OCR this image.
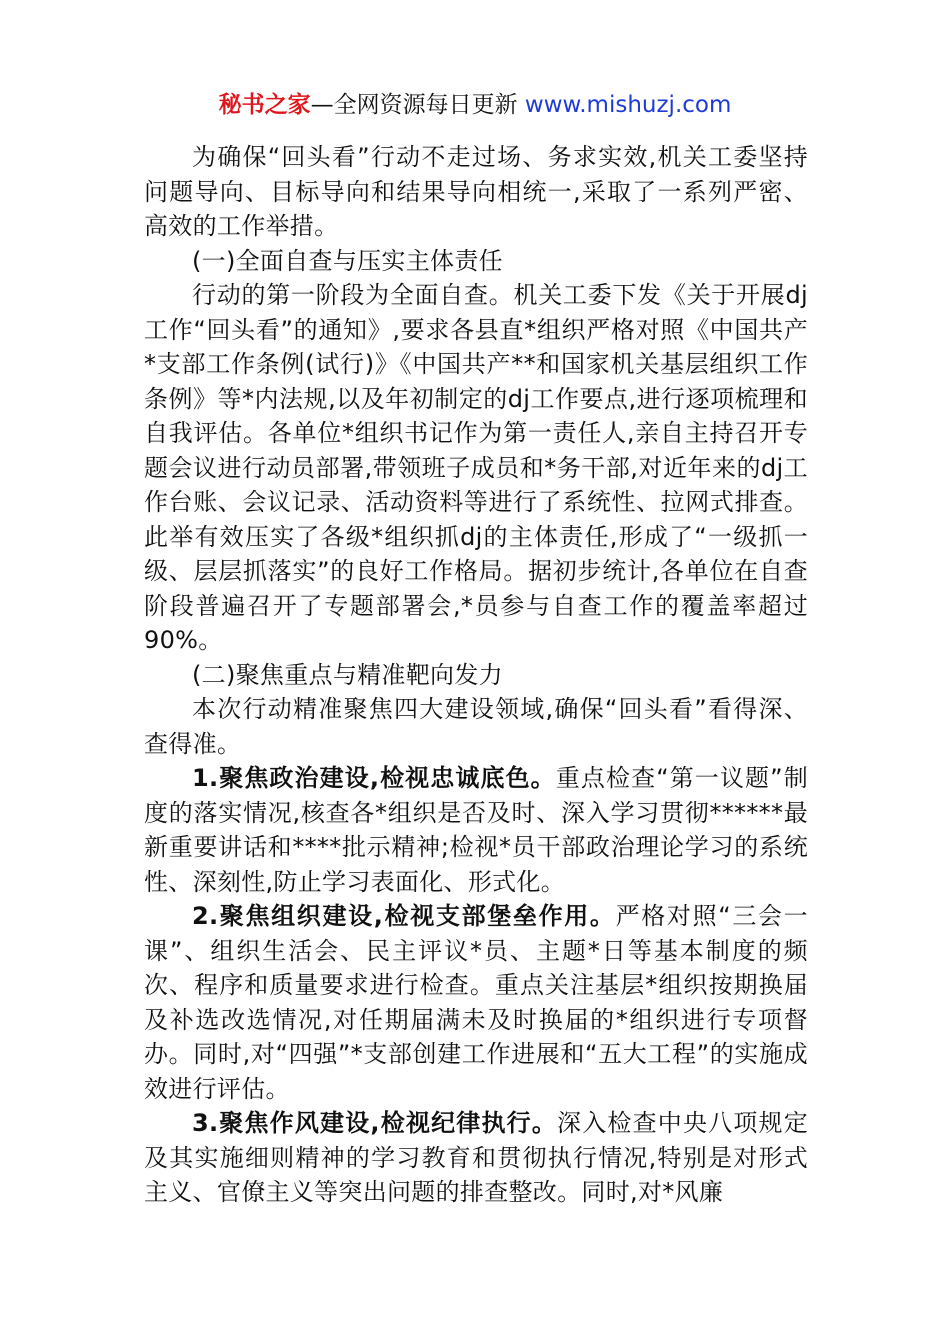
秘书之家—全网资源每日更新 www.mishuzj.com

为确保“回头看”行动不走过场、务求实效,机关工委坚持问题导向、目标导向和结果导向相统一,采取了一系列严密、高效的工作举措。

(一)全面自查与压实主体责任

行动的第一阶段为全面自查。机关工委下发《关于开展dj工作“回头看”的通知》,要求各县直*组织严格对照《中国共产*支部工作条例(试行)》《中国共产**和国家机关基层组织工作条例》等*内法规,以及年初制定的dj工作要点,进行逐项梳理和自我评估。各单位*组织书记作为第一责任人,亲自主持召开专题会议进行动员部署,带领班子成员和*务干部,对近年来的dj工作台账、会议记录、活动资料等进行了系统性、拉网式排查。此举有效压实了各级*组织抓dj的主体责任,形成了“一级抓一级、层层抓落实”的良好工作格局。据初步统计,各单位在自查阶段普遍召开了专题部署会,*员参与自查工作的覆盖率超过90%。

(二)聚焦重点与精准靶向发力

本次行动精准聚焦四大建设领域,确保“回头看”看得深、查得准。

1.聚焦政治建设,检视忠诚底色。重点检查“第一议题”制度的落实情况,核查各*组织是否及时、深入学习贯彻******最新重要讲话和****批示精神;检视*员干部政治理论学习的系统性、深刻性,防止学习表面化、形式化。

2.聚焦组织建设,检视支部堡垒作用。严格对照“三会一课”、组织生活会、民主评议*员、主题*日等基本制度的频次、程序和质量要求进行检查。重点关注基层*组织按期换届及补选改选情况,对任期届满未及时换届的*组织进行专项督办。同时,对“四强”*支部创建工作进展和“五大工程”的实施成效进行评估。

3.聚焦作风建设,检视纪律执行。深入检查中央八项规定及其实施细则精神的学习教育和贯彻执行情况,特别是对形式主义、官僚主义等突出问题的排查整改。同时,对*风廉
